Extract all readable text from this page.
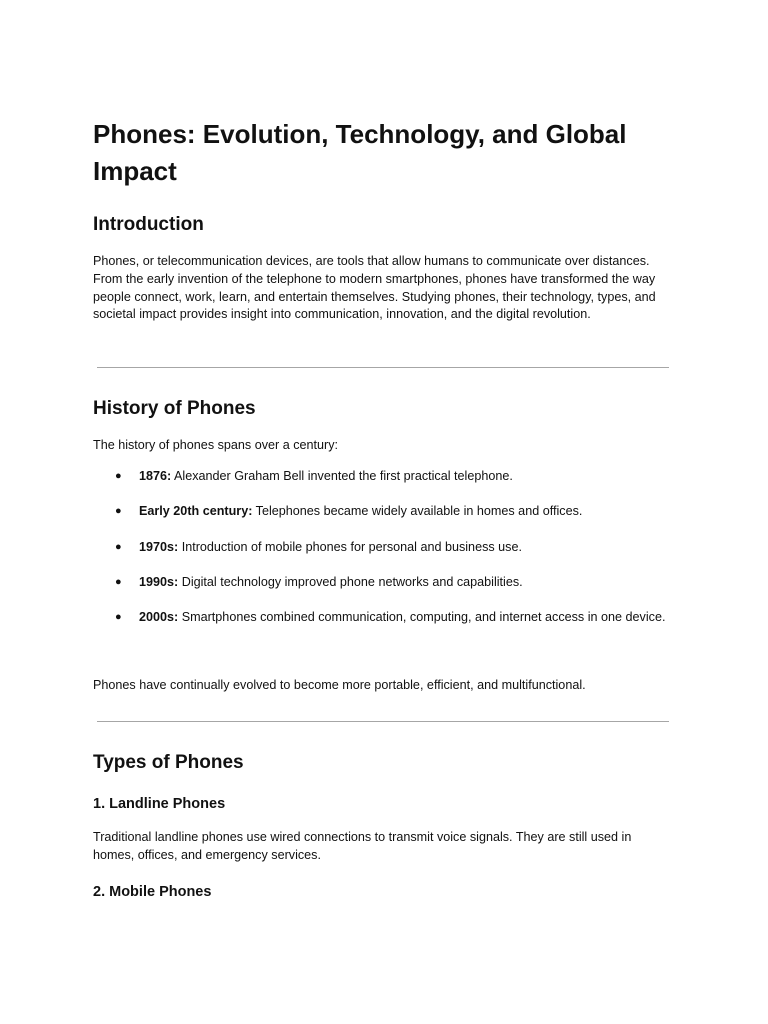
Phones: Evolution, Technology, and Global Impact
Introduction

Phones, or telecommunication devices, are tools that allow humans to communicate over distances. From the early invention of the telephone to modern smartphones, phones have transformed the way people connect, work, learn, and entertain themselves. Studying phones, their technology, types, and societal impact provides insight into communication, innovation, and the digital revolution.

History of Phones

The history of phones spans over a century:

● 1876: Alexander Graham Bell invented the first practical telephone.
● Early 20th century: Telephones became widely available in homes and offices.
● 1970s: Introduction of mobile phones for personal and business use.
● 1990s: Digital technology improved phone networks and capabilities.
● 2000s: Smartphones combined communication, computing, and internet access in one device.

Phones have continually evolved to become more portable, efficient, and multifunctional.

Types of Phones
1. Landline Phones

Traditional landline phones use wired connections to transmit voice signals. They are still used in homes, offices, and emergency services.

2. Mobile Phones
